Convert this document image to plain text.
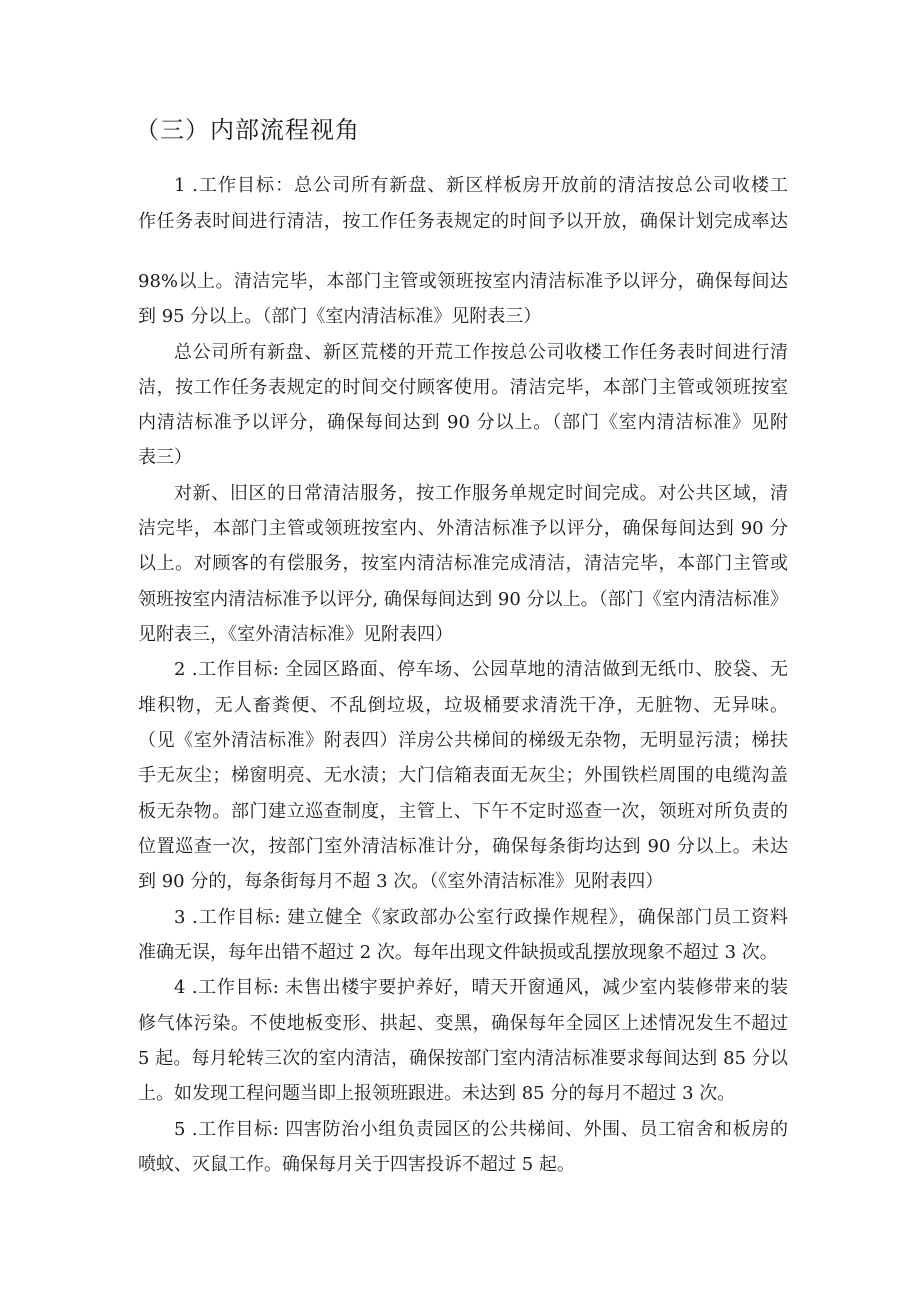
（三）内部流程视角
1 .工作目标：总公司所有新盘、新区样板房开放前的清洁按总公司收楼工
作任务表时间进行清洁，按工作任务表规定的时间予以开放，确保计划完成率达
98%以上。清洁完毕，本部门主管或领班按室内清洁标准予以评分，确保每间达
到 95 分以上。（部门《室内清洁标准》见附表三）
总公司所有新盘、新区荒楼的开荒工作按总公司收楼工作任务表时间进行清
洁，按工作任务表规定的时间交付顾客使用。清洁完毕，本部门主管或领班按室
内清洁标准予以评分，确保每间达到 90 分以上。（部门《室内清洁标准》见附
表三）
对新、旧区的日常清洁服务，按工作服务单规定时间完成。对公共区域，清
洁完毕，本部门主管或领班按室内、外清洁标准予以评分，确保每间达到 90 分
以上。对顾客的有偿服务，按室内清洁标准完成清洁，清洁完毕，本部门主管或
领班按室内清洁标准予以评分, 确保每间达到 90 分以上。（部门《室内清洁标准》
见附表三，《室外清洁标准》见附表四）
2 .工作目标: 全园区路面、停车场、公园草地的清洁做到无纸巾、胶袋、无
堆积物，无人畜粪便、不乱倒垃圾，垃圾桶要求清洗干净，无脏物、无异味。
（见《室外清洁标准》附表四）洋房公共梯间的梯级无杂物，无明显污渍；梯扶
手无灰尘；梯窗明亮、无水渍；大门信箱表面无灰尘；外围铁栏周围的电缆沟盖
板无杂物。部门建立巡查制度，主管上、下午不定时巡查一次，领班对所负责的
位置巡查一次，按部门室外清洁标准计分，确保每条街均达到 90 分以上。未达
到 90 分的，每条街每月不超 3 次。（《室外清洁标准》见附表四）
3 .工作目标: 建立健全《家政部办公室行政操作规程》，确保部门员工资料
准确无误，每年出错不超过 2 次。每年出现文件缺损或乱摆放现象不超过 3 次。
4 .工作目标: 未售出楼宇要护养好，晴天开窗通风，减少室内装修带来的装
修气体污染。不使地板变形、拱起、变黑，确保每年全园区上述情况发生不超过
5 起。每月轮转三次的室内清洁，确保按部门室内清洁标准要求每间达到 85 分以
上。如发现工程问题当即上报领班跟进。未达到 85 分的每月不超过 3 次。
5 .工作目标: 四害防治小组负责园区的公共梯间、外围、员工宿舍和板房的
喷蚊、灭鼠工作。确保每月关于四害投诉不超过 5 起。
